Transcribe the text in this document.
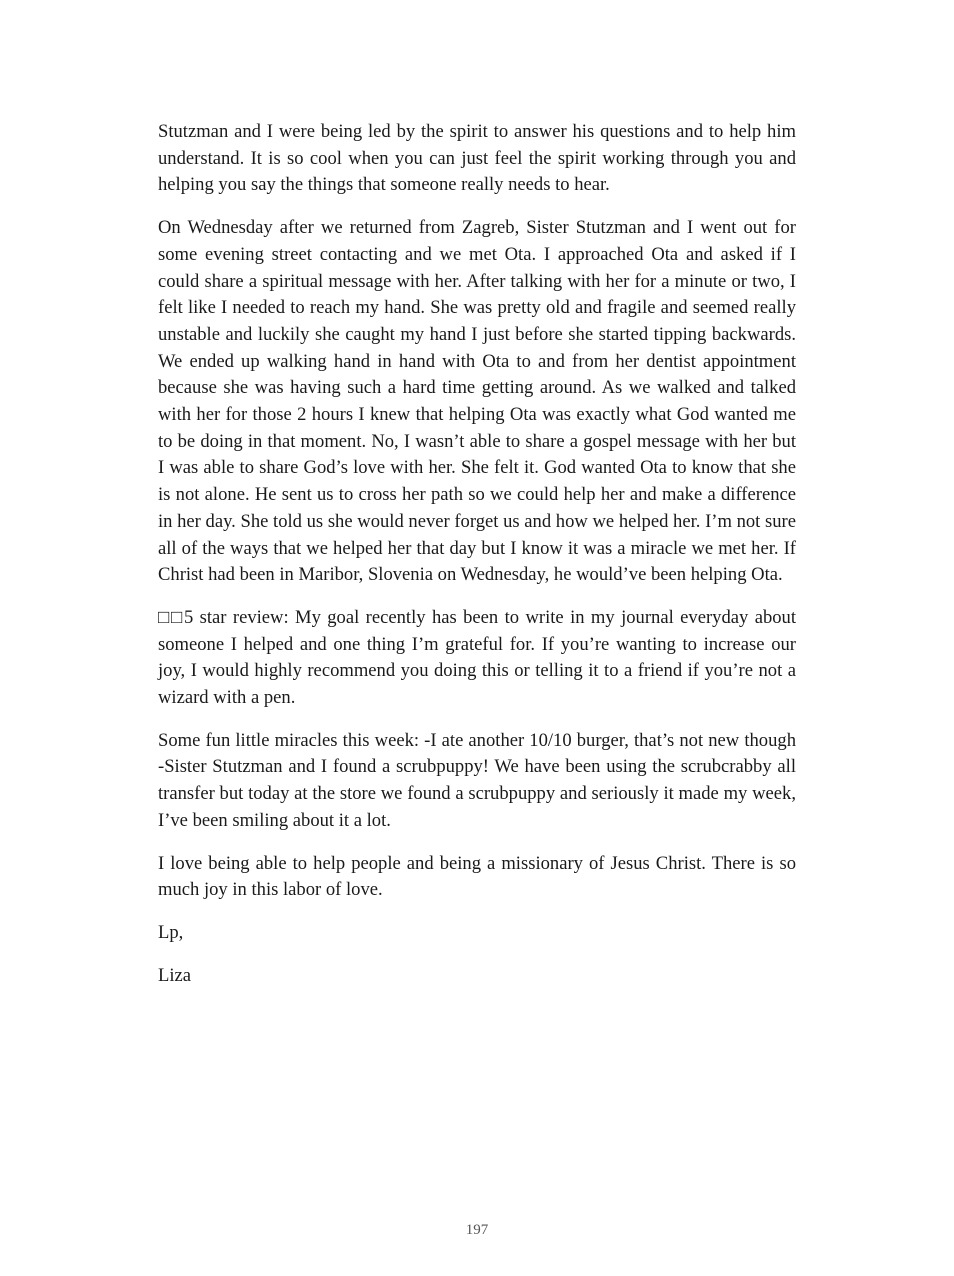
Stutzman and I were being led by the spirit to answer his questions and to help him understand. It is so cool when you can just feel the spirit working through you and helping you say the things that someone really needs to hear.

On Wednesday after we returned from Zagreb, Sister Stutzman and I went out for some evening street contacting and we met Ota. I approached Ota and asked if I could share a spiritual message with her. After talking with her for a minute or two, I felt like I needed to reach my hand. She was pretty old and fragile and seemed really unstable and luckily she caught my hand I just before she started tipping backwards. We ended up walking hand in hand with Ota to and from her dentist appointment because she was having such a hard time getting around. As we walked and talked with her for those 2 hours I knew that helping Ota was exactly what God wanted me to be doing in that moment. No, I wasn’t able to share a gospel message with her but I was able to share God’s love with her. She felt it. God wanted Ota to know that she is not alone. He sent us to cross her path so we could help her and make a difference in her day. She told us she would never forget us and how we helped her. I’m not sure all of the ways that we helped her that day but I know it was a miracle we met her. If Christ had been in Maribor, Slovenia on Wednesday, he would’ve been helping Ota.

□□5 star review: My goal recently has been to write in my journal everyday about someone I helped and one thing I’m grateful for. If you’re wanting to increase our joy, I would highly recommend you doing this or telling it to a friend if you’re not a wizard with a pen.

Some fun little miracles this week: -I ate another 10/10 burger, that’s not new though -Sister Stutzman and I found a scrubpuppy! We have been using the scrubcrabby all transfer but today at the store we found a scrubpuppy and seriously it made my week, I’ve been smiling about it a lot.

I love being able to help people and being a missionary of Jesus Christ. There is so much joy in this labor of love.

Lp,

Liza

197
